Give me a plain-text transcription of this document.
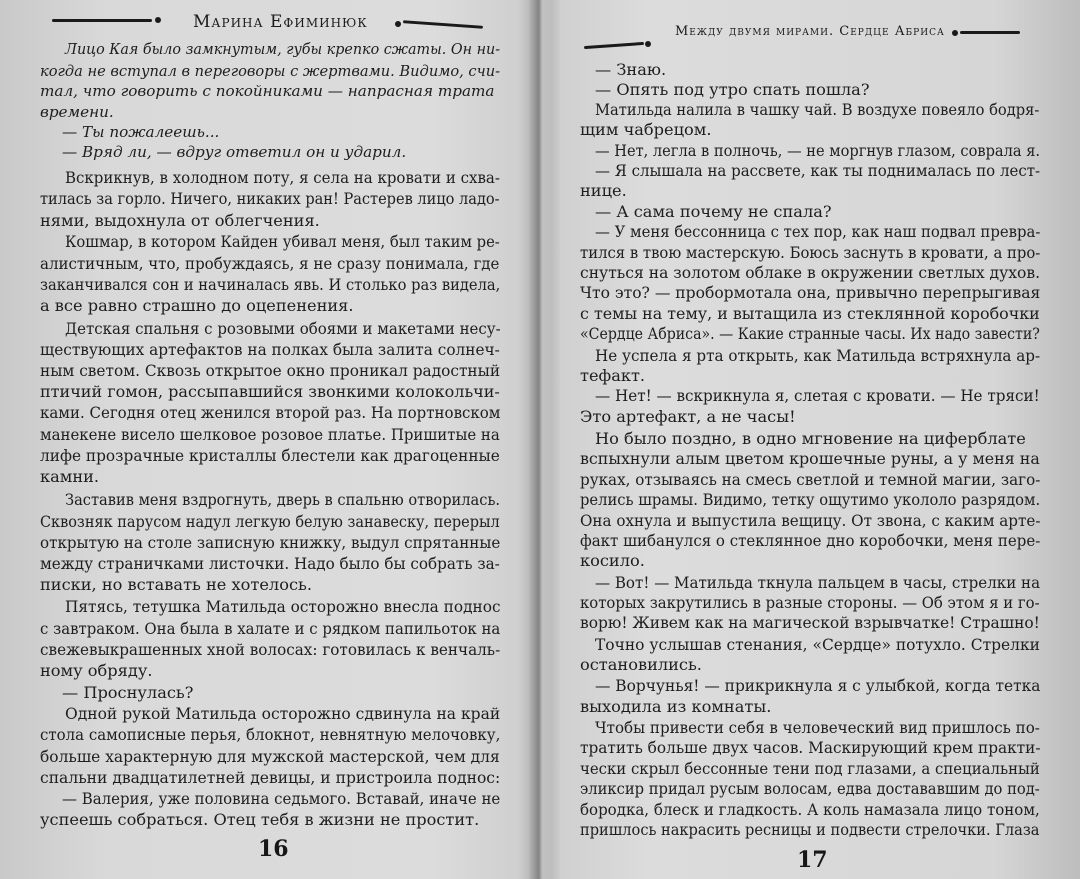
Марина Ефиминюк
16
Лицо Кая было замкнутым, губы крепко сжаты. Он ни-
когда не вступал в переговоры с жертвами. Видимо, счи-
тал, что говорить с покойниками — напрасная трата
времени.
— Ты пожалеешь...
— Вряд ли, — вдруг ответил он и ударил.
Вскрикнув, в холодном поту, я села на кровати и схва-
тилась за горло. Ничего, никаких ран! Растерев лицо ладо-
нями, выдохнула от облегчения.
Кошмар, в котором Кайден убивал меня, был таким ре-
алистичным, что, пробуждаясь, я не сразу понимала, где
заканчивался сон и начиналась явь. И столько раз видела,
а все равно страшно до оцепенения.
Детская спальня с розовыми обоями и макетами несу-
ществующих артефактов на полках была залита солнеч-
ным светом. Сквозь открытое окно проникал радостный
птичий гомон, рассыпавшийся звонкими колокольчи-
ками. Сегодня отец женился второй раз. На портновском
манекене висело шелковое розовое платье. Пришитые на
лифе прозрачные кристаллы блестели как драгоценные
камни.
Заставив меня вздрогнуть, дверь в спальню отворилась.
Сквозняк парусом надул легкую белую занавеску, перерыл
открытую на столе записную книжку, выдул спрятанные
между страничками листочки. Надо было бы собрать за-
писки, но вставать не хотелось.
Пятясь, тетушка Матильда осторожно внесла поднос
с завтраком. Она была в халате и с рядком папильоток на
свежевыкрашенных хной волосах: готовилась к венчаль-
ному обряду.
— Проснулась?
Одной рукой Матильда осторожно сдвинула на край
стола самописные перья, блокнот, невнятную мелочовку,
больше характерную для мужской мастерской, чем для
спальни двадцатилетней девицы, и пристроила поднос:
— Валерия, уже половина седьмого. Вставай, иначе не
успеешь собраться. Отец тебя в жизни не простит.
Между двумя мирами. Сердце Абриса
17
— Знаю.
— Опять под утро спать пошла?
Матильда налила в чашку чай. В воздухе повеяло бодря-
щим чабрецом.
— Нет, легла в полночь, — не моргнув глазом, соврала я.
— Я слышала на рассвете, как ты поднималась по лест-
нице.
— А сама почему не спала?
— У меня бессонница с тех пор, как наш подвал превра-
тился в твою мастерскую. Боюсь заснуть в кровати, а про-
снуться на золотом облаке в окружении светлых духов.
Что это? — пробормотала она, привычно перепрыгивая
с темы на тему, и вытащила из стеклянной коробочки
«Сердце Абриса». — Какие странные часы. Их надо завести?
Не успела я рта открыть, как Матильда встряхнула ар-
тефакт.
— Нет! — вскрикнула я, слетая с кровати. — Не тряси!
Это артефакт, а не часы!
Но было поздно, в одно мгновение на циферблате
вспыхнули алым цветом крошечные руны, а у меня на
руках, отзываясь на смесь светлой и темной магии, заго-
релись шрамы. Видимо, тетку ощутимо укололо разрядом.
Она охнула и выпустила вещицу. От звона, с каким арте-
факт шибанулся о стеклянное дно коробочки, меня пере-
косило.
— Вот! — Матильда ткнула пальцем в часы, стрелки на
которых закрутились в разные стороны. — Об этом я и го-
ворю! Живем как на магической взрывчатке! Страшно!
Точно услышав стенания, «Сердце» потухло. Стрелки
остановились.
— Ворчунья! — прикрикнула я с улыбкой, когда тетка
выходила из комнаты.
Чтобы привести себя в человеческий вид пришлось по-
тратить больше двух часов. Маскирующий крем практи-
чески скрыл бессонные тени под глазами, а специальный
эликсир придал русым волосам, едва достававшим до под-
бородка, блеск и гладкость. А коль намазала лицо тоном,
пришлось накрасить ресницы и подвести стрелочки. Глаза
